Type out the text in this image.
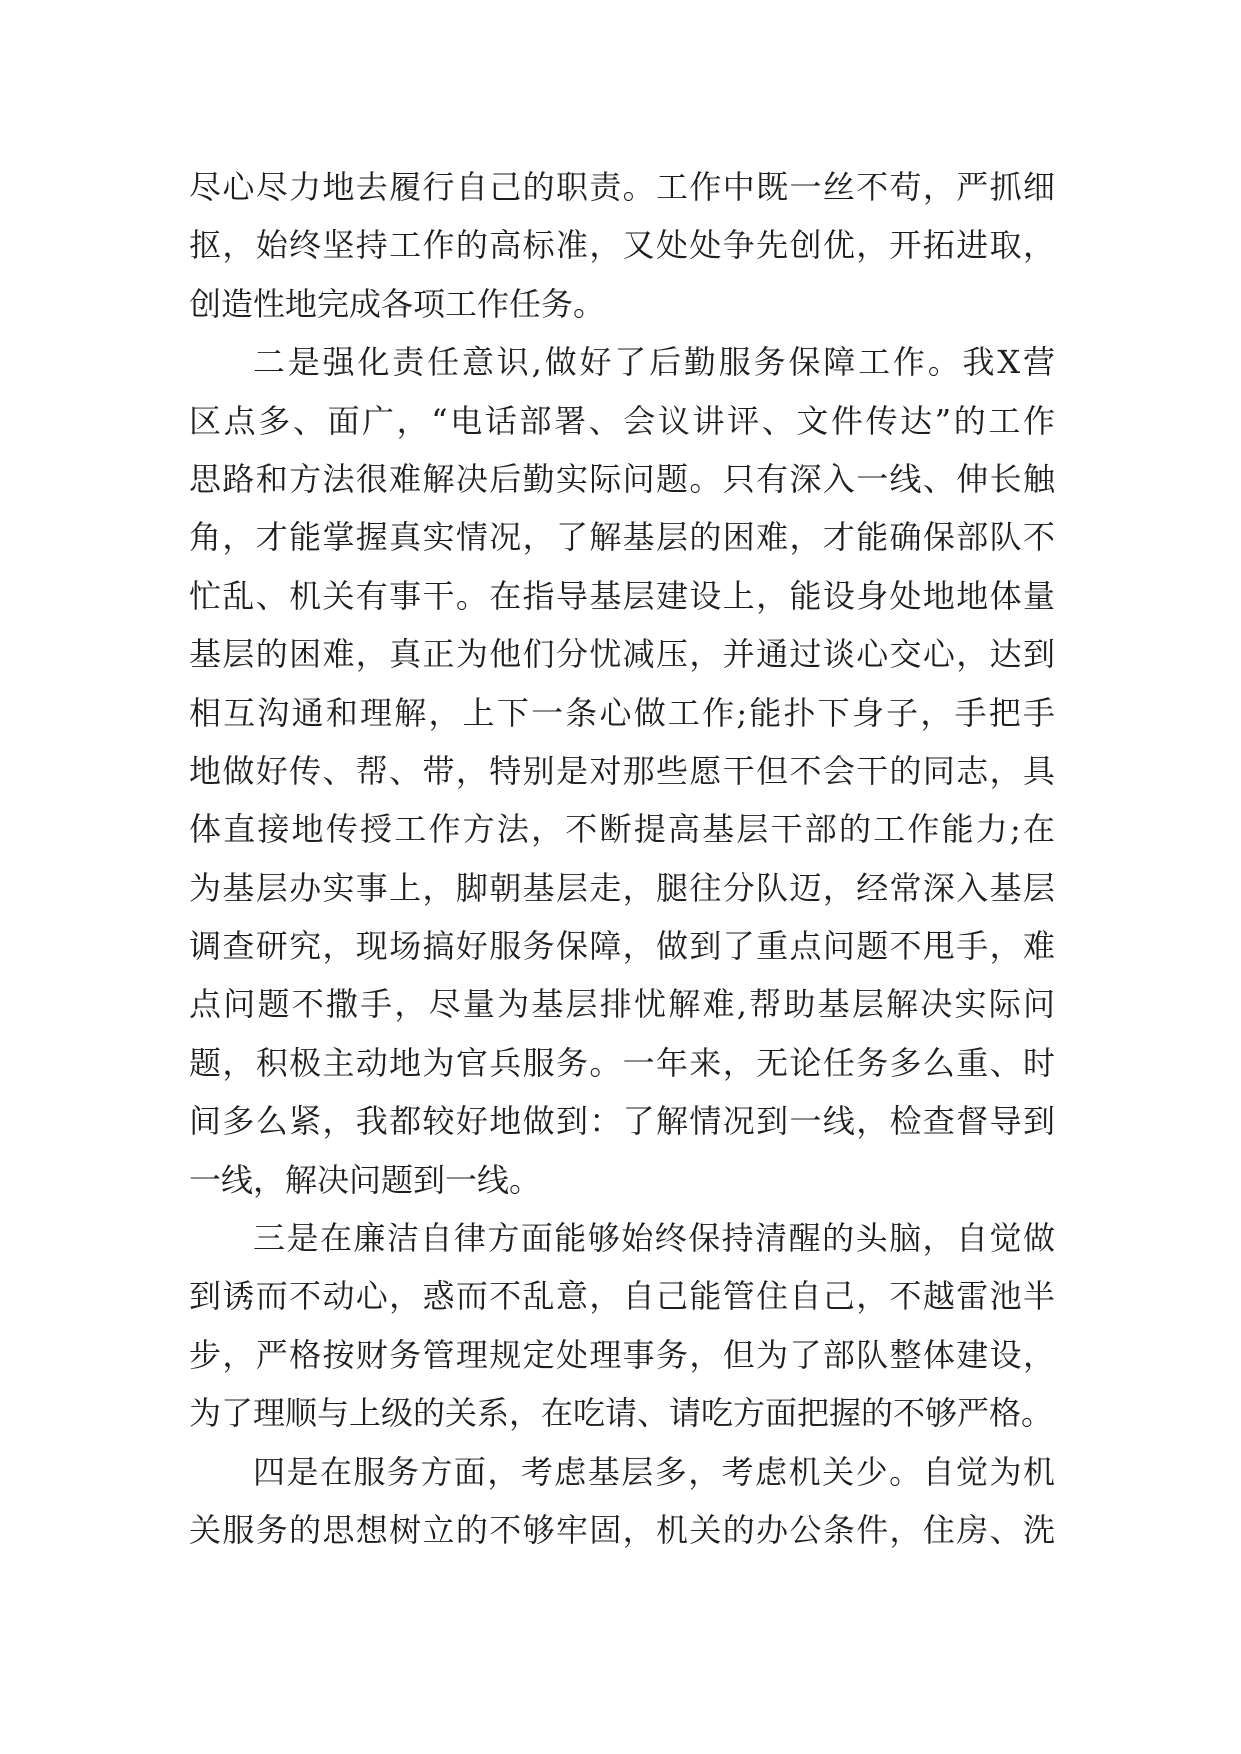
尽心尽力地去履行自己的职责。工作中既一丝不苟，严抓细
抠，始终坚持工作的高标准，又处处争先创优，开拓进取，
创造性地完成各项工作任务。
二是强化责任意识,做好了后勤服务保障工作。我X营
区点多、面广，“电话部署、会议讲评、文件传达”的工作
思路和方法很难解决后勤实际问题。只有深入一线、伸长触
角，才能掌握真实情况，了解基层的困难，才能确保部队不
忙乱、机关有事干。在指导基层建设上，能设身处地地体量
基层的困难，真正为他们分忧减压，并通过谈心交心，达到
相互沟通和理解，上下一条心做工作;能扑下身子，手把手
地做好传、帮、带，特别是对那些愿干但不会干的同志，具
体直接地传授工作方法，不断提高基层干部的工作能力;在
为基层办实事上，脚朝基层走，腿往分队迈，经常深入基层
调查研究，现场搞好服务保障，做到了重点问题不甩手，难
点问题不撒手，尽量为基层排忧解难,帮助基层解决实际问
题，积极主动地为官兵服务。一年来，无论任务多么重、时
间多么紧，我都较好地做到：了解情况到一线，检查督导到
一线，解决问题到一线。
三是在廉洁自律方面能够始终保持清醒的头脑，自觉做
到诱而不动心，惑而不乱意，自己能管住自己，不越雷池半
步，严格按财务管理规定处理事务，但为了部队整体建设，
为了理顺与上级的关系，在吃请、请吃方面把握的不够严格。
四是在服务方面，考虑基层多，考虑机关少。自觉为机
关服务的思想树立的不够牢固，机关的办公条件，住房、洗
